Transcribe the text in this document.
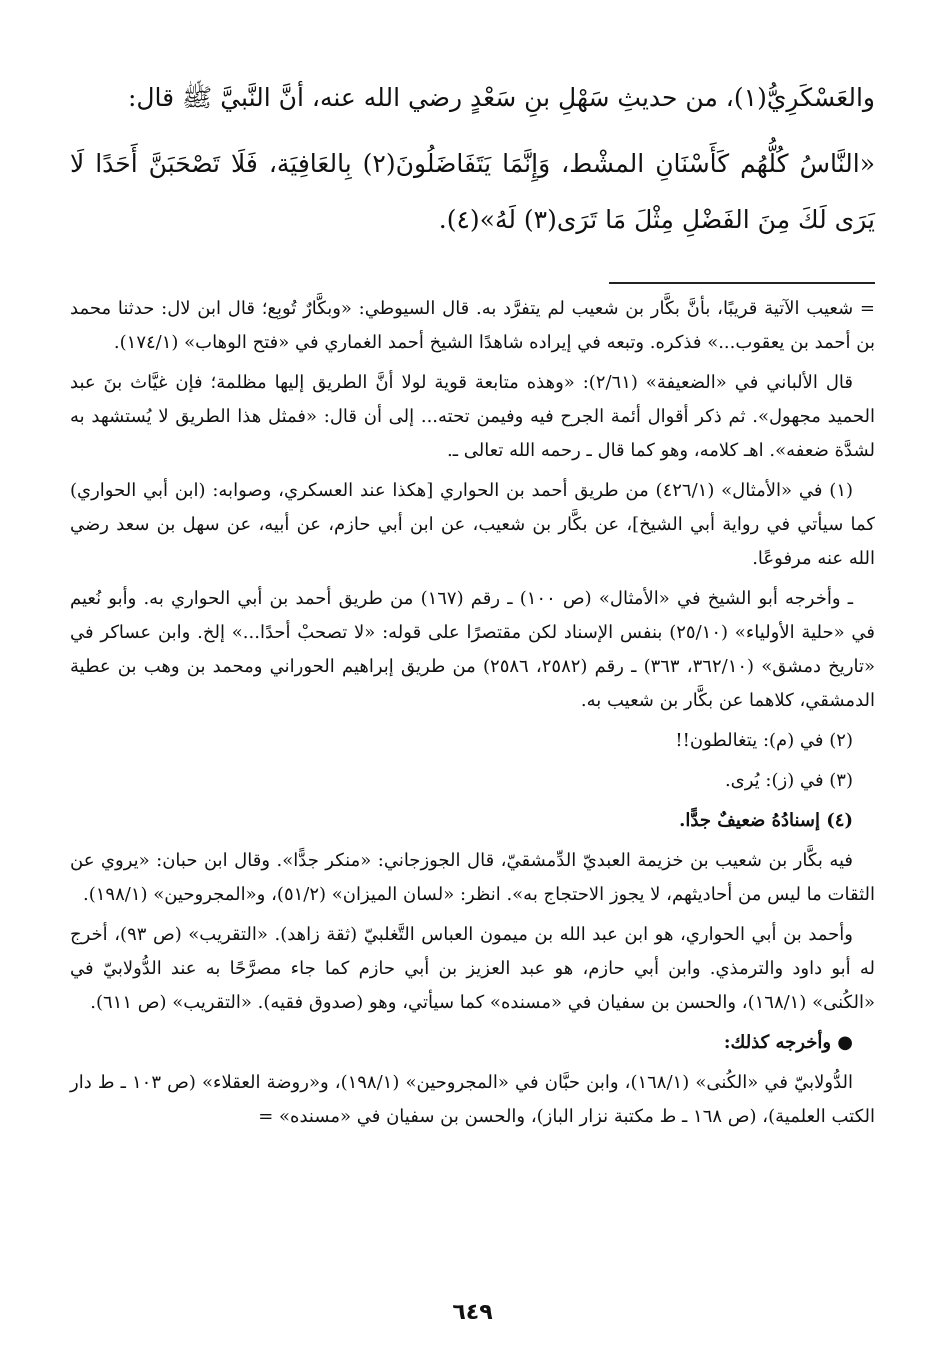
والعَسْكَرِيُّ(١)، من حديثِ سَهْلِ بنِ سَعْدٍ رضي الله عنه، أنَّ النَّبيَّ ﷺ قال:

«النَّاسُ كُلُّهُم كَأَسْنَانِ المشْط، وَإِنَّمَا يَتَفَاضَلُونَ(٢) بِالعَافِيَة، فَلَا تَصْحَبَنَّ أَحَدًا لَا يَرَى لَكَ مِنَ الفَضْلِ مِثْلَ مَا تَرَى(٣) لَهُ»(٤).

= شعيب الآتية قريبًا، بأنَّ بكَّار بن شعيب لم يتفرَّد به. قال السيوطي: «وبكَّارٌ تُوبِع؛ قال ابن لال: حدثنا محمد بن أحمد بن يعقوب...» فذكره. وتبعه في إيراده شاهدًا الشيخ أحمد الغماري في «فتح الوهاب» (١٧٤/١).

قال الألباني في «الضعيفة» (٢/٦١): «وهذه متابعة قوية لولا أنَّ الطريق إليها مظلمة؛ فإن غيَّاث بنَ عبد الحميد مجهول». ثم ذكر أقوال أئمة الجرح فيه وفيمن تحته... إلى أن قال: «فمثل هذا الطريق لا يُستشهد به لشدَّة ضعفه». اهـ كلامه، وهو كما قال ـ رحمه الله تعالى ـ.

(١) في «الأمثال» (٤٢٦/١) من طريق أحمد بن الحواري [هكذا عند العسكري، وصوابه: (ابن أبي الحواري) كما سيأتي في رواية أبي الشيخ]، عن بكَّار بن شعيب، عن ابن أبي حازم، عن أبيه، عن سهل بن سعد رضي الله عنه مرفوعًا.

ـ وأخرجه أبو الشيخ في «الأمثال» (ص ١٠٠) ـ رقم (١٦٧) من طريق أحمد بن أبي الحواري به. وأبو نُعيم في «حلية الأولياء» (٢٥/١٠) بنفس الإسناد لكن مقتصرًا على قوله: «لا تصحبْ أحدًا...» إلخ. وابن عساكر في «تاريخ دمشق» (٣٦٢/١٠، ٣٦٣) ـ رقم (٢٥٨٢، ٢٥٨٦) من طريق إبراهيم الحوراني ومحمد بن وهب بن عطية الدمشقي، كلاهما عن بكَّار بن شعيب به.

(٢) في (م): يتغالطون!!

(٣) في (ز): يُرى.

(٤) إسنادُهُ ضعيفٌ جدًّا.

فيه بكَّار بن شعيب بن خزيمة العبديّ الدِّمشقيّ، قال الجوزجاني: «منكر جدًّا». وقال ابن حبان: «يروي عن الثقات ما ليس من أحاديثهم، لا يجوز الاحتجاج به». انظر: «لسان الميزان» (٥١/٢)، و«المجروحين» (١٩٨/١).

وأحمد بن أبي الحواري، هو ابن عبد الله بن ميمون العباس التَّغلبيّ (ثقة زاهد). «التقريب» (ص ٩٣)، أخرج له أبو داود والترمذي. وابن أبي حازم، هو عبد العزيز بن أبي حازم كما جاء مصرَّحًا به عند الدُّولابيّ في «الكُنى» (١٦٨/١)، والحسن بن سفيان في «مسنده» كما سيأتي، وهو (صدوق فقيه). «التقريب» (ص ٦١١).

● وأخرجه كذلك:

الدُّولابيّ في «الكُنى» (١٦٨/١)، وابن حبَّان في «المجروحين» (١٩٨/١)، و«روضة العقلاء» (ص ١٠٣ ـ ط دار الكتب العلمية)، (ص ١٦٨ ـ ط مكتبة نزار الباز)، والحسن بن سفيان في «مسنده» =

٦٤٩
